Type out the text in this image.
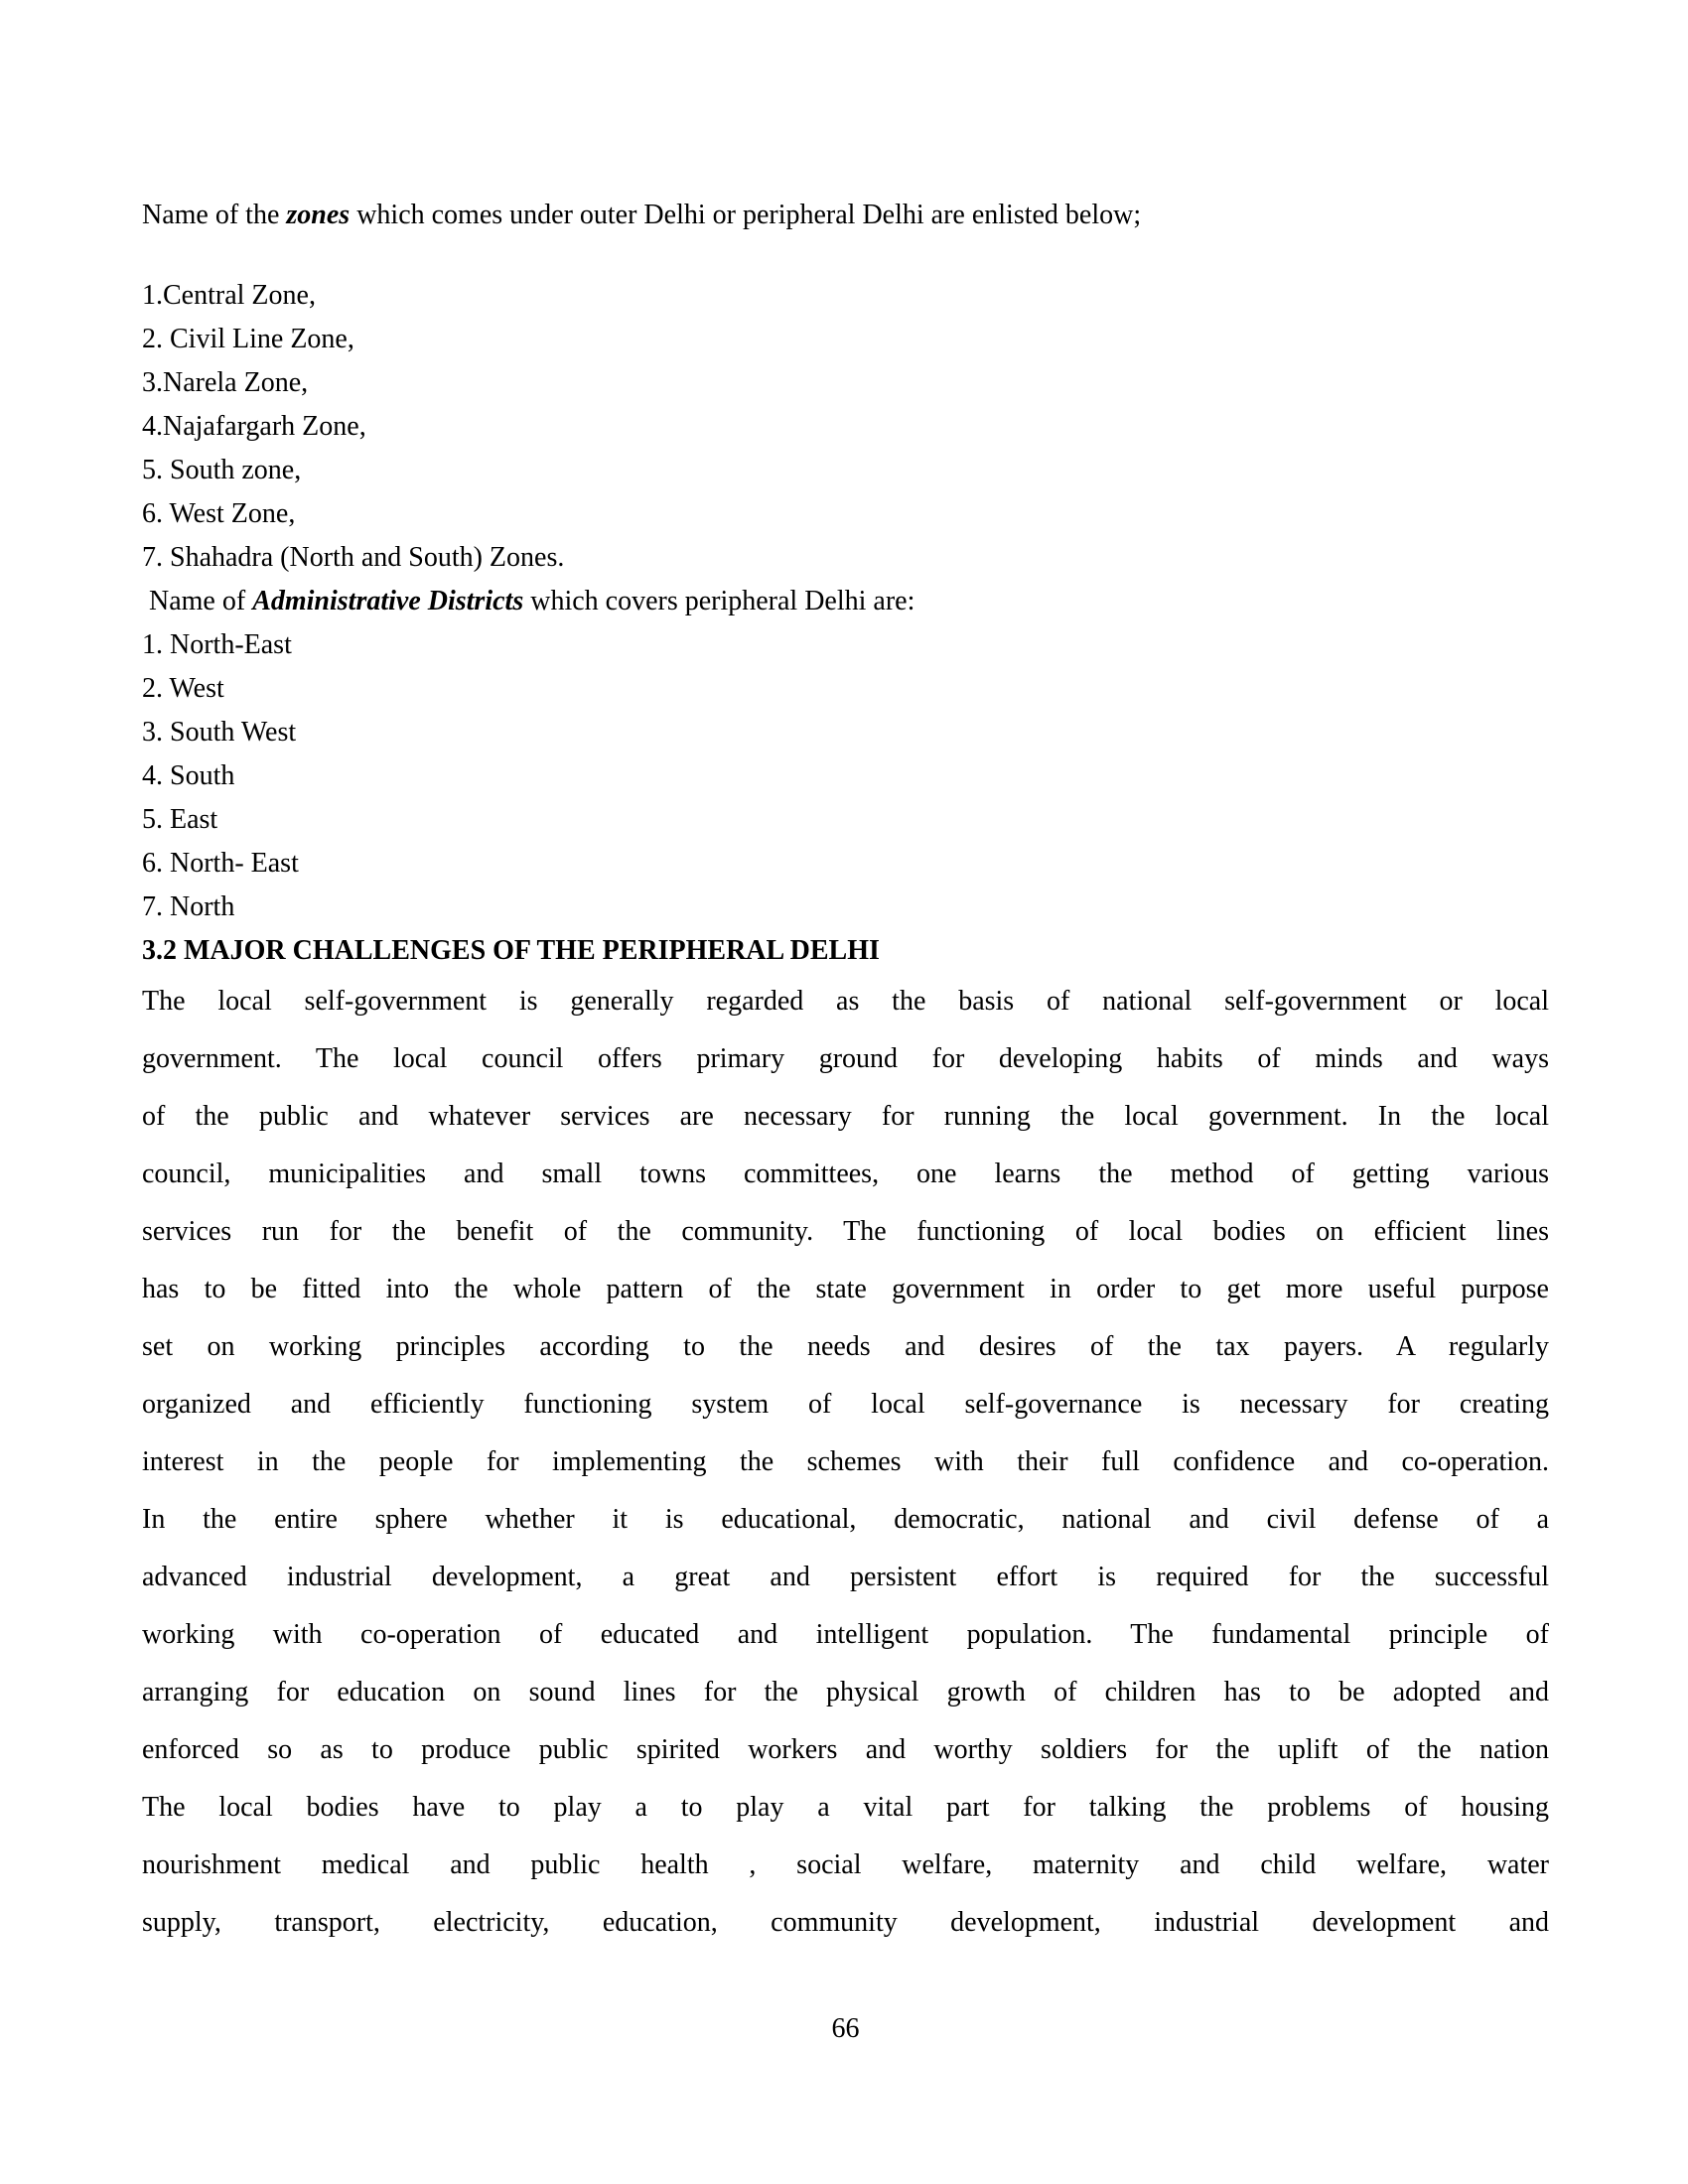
Name of the zones which comes under outer Delhi or peripheral Delhi are enlisted below;

1.Central Zone,
2. Civil Line Zone,
3.Narela Zone,
4.Najafargarh Zone,
5. South zone,
6. West Zone,
7. Shahadra (North and South) Zones.

Name of Administrative Districts which covers peripheral Delhi are:

1. North-East
2. West
3. South West
4. South
5. East
6. North- East
7. North
3.2 MAJOR CHALLENGES OF THE PERIPHERAL DELHI
The local self-government is generally regarded as the basis of national self-government or local
government. The local council offers primary ground for developing habits of minds and ways
of the public and whatever services are necessary for running the local government. In the local
council, municipalities and small towns committees, one learns the method of getting various
services run for the benefit of the community. The functioning of local bodies on efficient lines
has to be fitted into the whole pattern of the state government in order to get more useful purpose
set on working principles according to the needs and desires of the tax payers. A regularly
organized and efficiently functioning system of local self-governance is necessary for creating
interest in the people for implementing the schemes with their full confidence and co-operation.
In the entire sphere whether it is educational, democratic, national and civil defense of a
advanced industrial development, a great and persistent effort is required for the successful
working with co-operation of educated and intelligent population. The fundamental principle of
arranging for education on sound lines for the physical growth of children has to be adopted and
enforced so as to produce public spirited workers and worthy soldiers for the uplift of the nation
The local bodies have to play a to play a vital part for talking the problems of housing
nourishment medical and public health , social welfare, maternity and child welfare, water
supply, transport, electricity, education, community development, industrial development and
66
